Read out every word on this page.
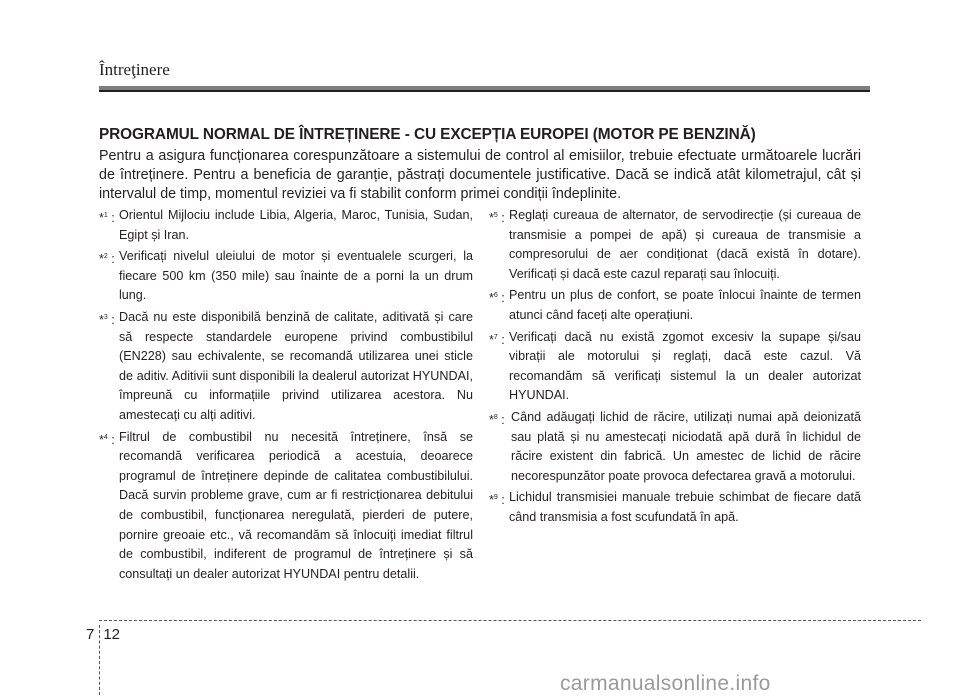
Întreţinere
PROGRAMUL NORMAL DE ÎNTREȚINERE - CU EXCEPȚIA EUROPEI (MOTOR PE BENZINĂ)
Pentru a asigura funcționarea corespunzătoare a sistemului de control al emisiilor, trebuie efectuate următoarele lucrări de întreținere. Pentru a beneficia de garanție, păstrați documentele justificative. Dacă se indică atât kilometrajul, cât și intervalul de timp, momentul reviziei va fi stabilit conform primei condiții îndeplinite.
*$^1$ : Orientul Mijlociu include Libia, Algeria, Maroc, Tunisia, Sudan, Egipt și Iran.
*$^2$ : Verificați nivelul uleiului de motor și eventualele scurgeri, la fiecare 500 km (350 mile) sau înainte de a porni la un drum lung.
*$^3$ : Dacă nu este disponibilă benzină de calitate, aditivată și care să respecte standardele europene privind combustibilul (EN228) sau echivalente, se recomandă utilizarea unei sticle de aditiv. Aditivii sunt disponibili la dealerul autorizat HYUNDAI, împreună cu informațiile privind utilizarea acestora. Nu amestecați cu alți aditivi.
*$^4$ : Filtrul de combustibil nu necesită întreținere, însă se recomandă verificarea periodică a acestuia, deoarece programul de întreținere depinde de calitatea combustibilului. Dacă survin probleme grave, cum ar fi restricționarea debitului de combustibil, funcționarea neregulată, pierderi de putere, pornire greoaie etc., vă recomandăm să înlocuiți imediat filtrul de combustibil, indiferent de programul de întreținere și să consultați un dealer autorizat HYUNDAI pentru detalii.
*$^5$ : Reglați cureaua de alternator, de servodirecție (și cureaua de transmisie a pompei de apă) și cureaua de transmisie a compresorului de aer condiționat (dacă există în dotare). Verificați și dacă este cazul reparați sau înlocuiți.
*$^6$ : Pentru un plus de confort, se poate înlocui înainte de termen atunci când faceți alte operațiuni.
*$^7$ : Verificați dacă nu există zgomot excesiv la supape și/sau vibrații ale motorului și reglați, dacă este cazul. Vă recomandăm să verificați sistemul la un dealer autorizat HYUNDAI.
*$^8$ : Când adăugați lichid de răcire, utilizați numai apă deionizată sau plată și nu amestecați niciodată apă dură în lichidul de răcire existent din fabrică. Un amestec de lichid de răcire necorespunzător poate provoca defectarea gravă a motorului.
*$^9$ : Lichidul transmisiei manuale trebuie schimbat de fiecare dată când transmisia a fost scufundată în apă.
7 12
carmanualsonline.info
